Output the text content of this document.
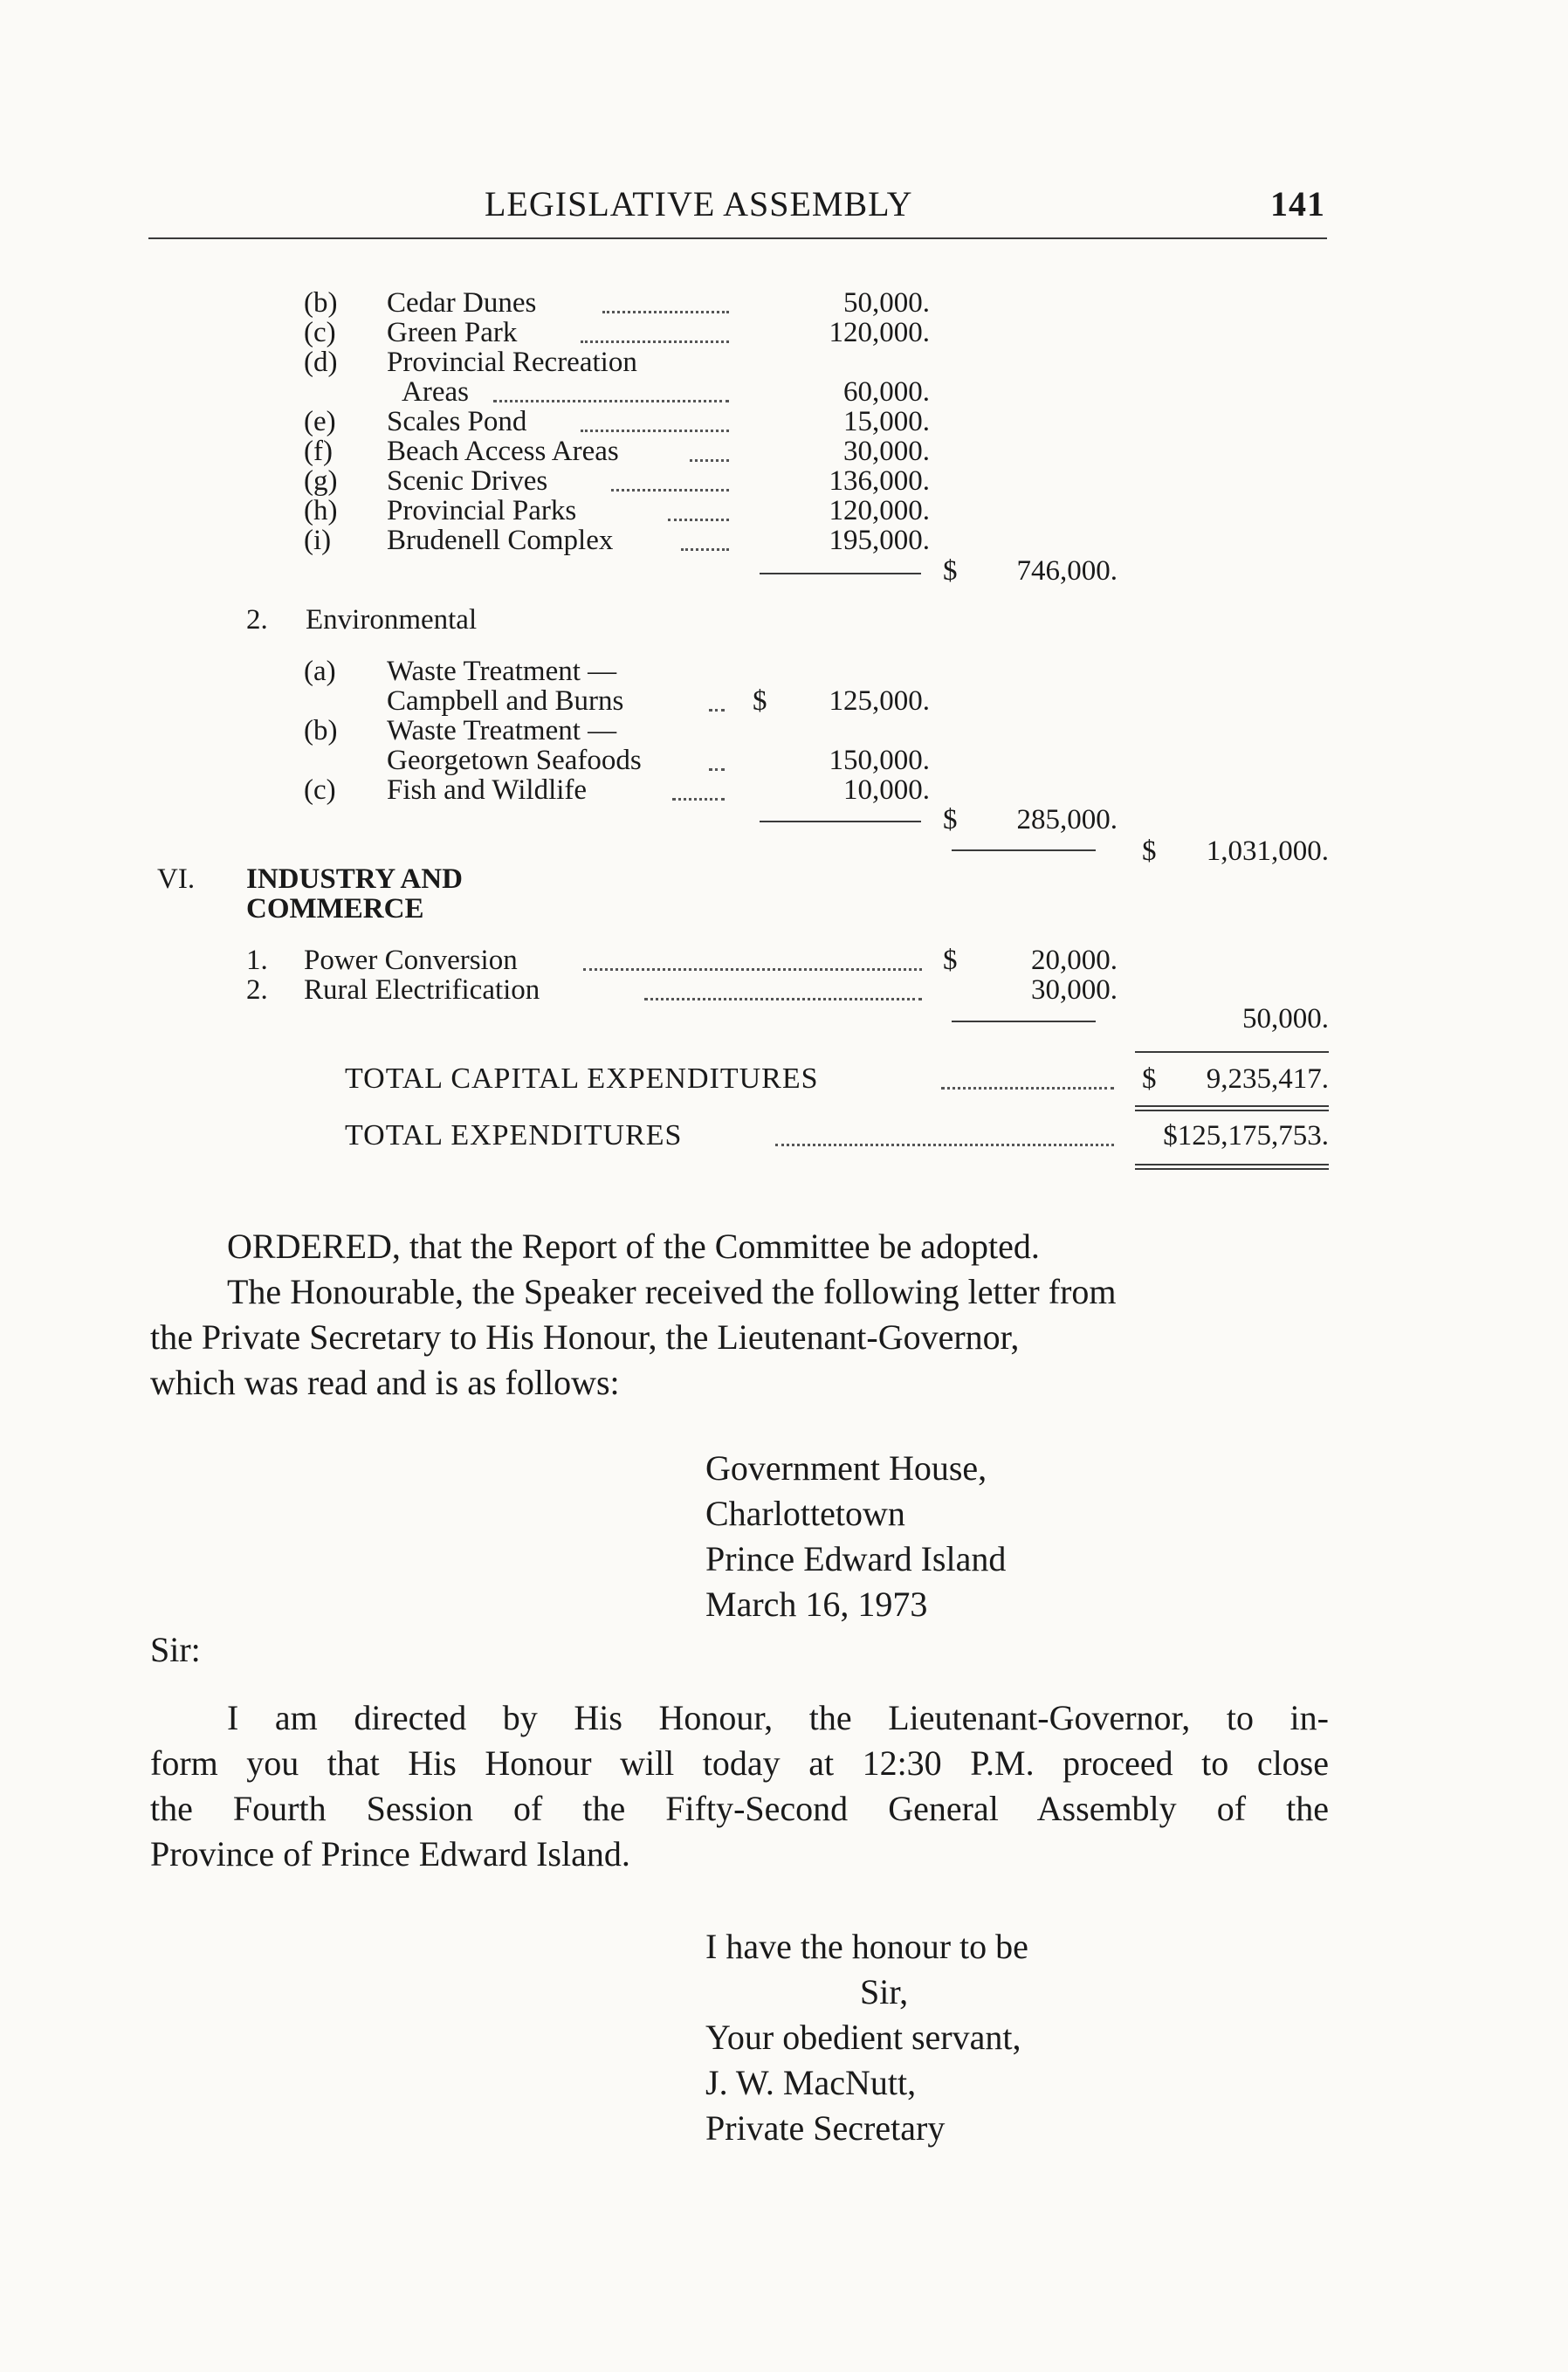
LEGISLATIVE ASSEMBLY	141
(b) Cedar Dunes	50,000.
(c) Green Park	120,000.
(d) Provincial Recreation
Areas	60,000.
(e) Scales Pond	15,000.
(f) Beach Access Areas	30,000.
(g) Scenic Drives	136,000.
(h) Provincial Parks	120,000.
(i) Brudenell Complex	195,000.
$	746,000.
2. Environmental
(a) Waste Treatment —
Campbell and Burns	$	125,000.
(b) Waste Treatment —
Georgetown Seafoods	150,000.
(c) Fish and Wildlife	10,000.
$	285,000.
$	1,031,000.
VI. INDUSTRY AND
COMMERCE
1. Power Conversion	$	20,000.
2. Rural Electrification	30,000.
50,000.
TOTAL CAPITAL EXPENDITURES	$	9,235,417.
TOTAL EXPENDITURES	$125,175,753.
ORDERED, that the Report of the Committee be adopted.
The Honourable, the Speaker received the following letter from
the Private Secretary to His Honour, the Lieutenant-Governor,
which was read and is as follows:
Government House,
Charlottetown
Prince Edward Island
March 16, 1973
Sir:
I am directed by His Honour, the Lieutenant-Governor, to in-
form you that His Honour will today at 12:30 P.M. proceed to close
the Fourth Session of the Fifty-Second General Assembly of the
Province of Prince Edward Island.
I have the honour to be
Sir,
Your obedient servant,
J. W. MacNutt,
Private Secretary
